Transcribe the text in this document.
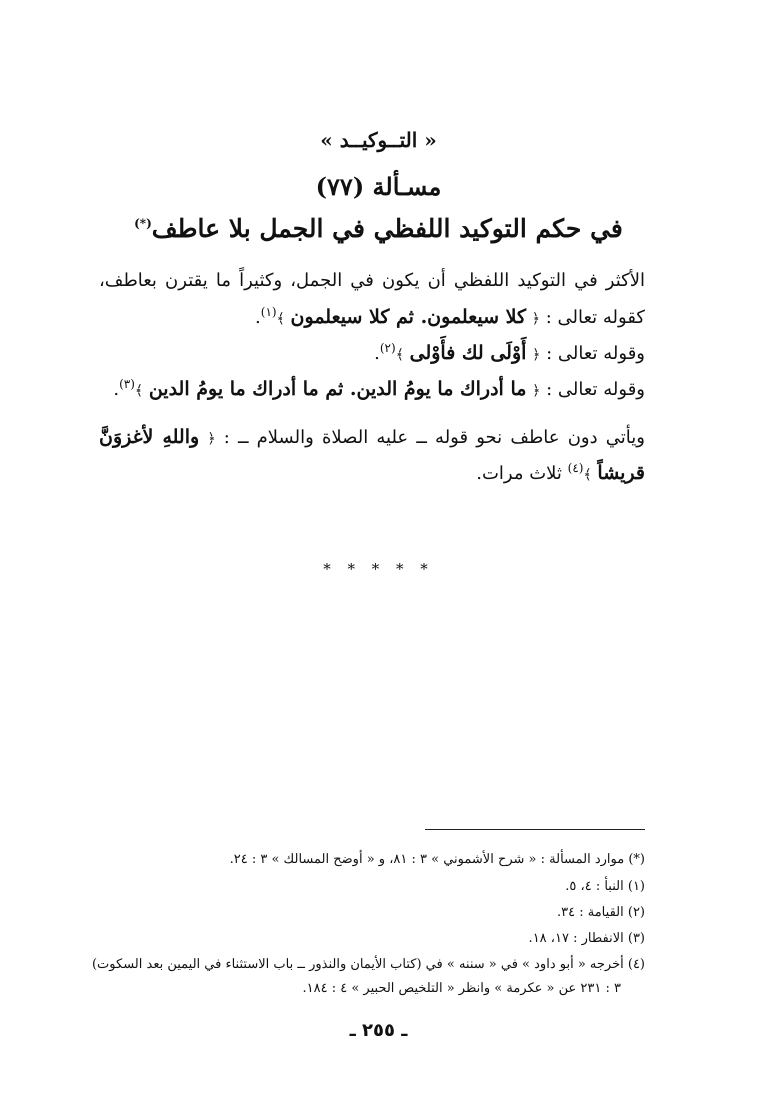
« التــوكيــد »
مسـألة (٧٧)
في حكم التوكيد اللفظي في الجمل بلا عاطف(*)
الأكثر في التوكيد اللفظي أن يكون في الجمل، وكثيراً ما يقترن بعاطف،
كقوله تعالى : ﴿ كلا سيعلمون. ثم كلا سيعلمون ﴾$^{(١)}$.
وقوله تعالى : ﴿ أَوْلَى لك فأَوْلى ﴾$^{(٢)}$.
وقوله تعالى : ﴿ ما أدراك ما يومُ الدين. ثم ما أدراك ما يومُ الدين ﴾$^{(٣)}$.
ويأتي دون عاطف نحو قوله ــ عليه الصلاة والسلام ــ : ﴿ واللهِ لأغزوَنَّ
قريشاً ﴾$^{(٤)}$ ثلاث مرات.
* * * * *
(*) موارد المسألة : « شرح الأشموني » ٣ : ٨١، و « أوضح المسالك » ٣ : ٢٤.
(١) النبأ : ٤، ٥.
(٢) القيامة : ٣٤.
(٣) الانفطار : ١٧، ١٨.
(٤) أخرجه « أبو داود » في « سننه » في (كتاب الأيمان والنذور ــ باب الاستثناء في اليمين بعد السكوت)
٣ : ٢٣١ عن « عكرمة » وانظر « التلخيص الحبير » ٤ : ١٨٤.
ـ ٢٥٥ ـ
